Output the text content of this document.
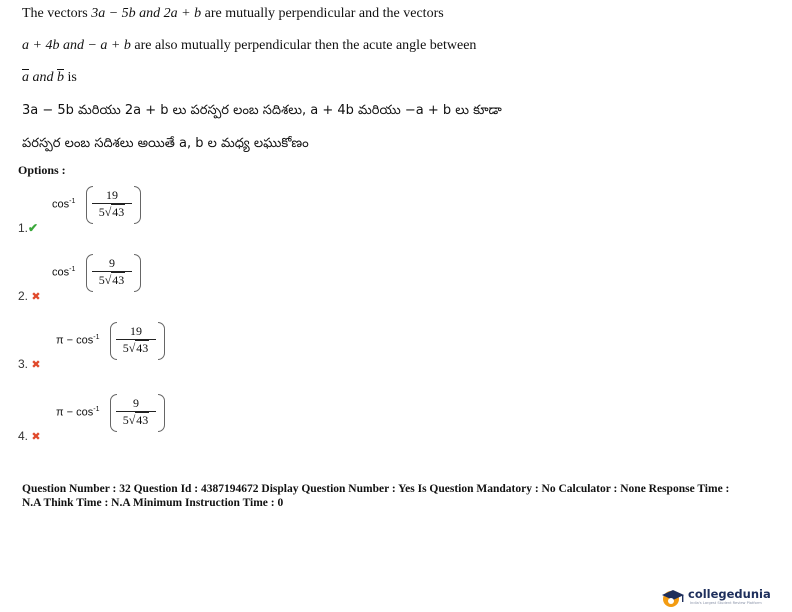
The vectors 3a − 5b and 2a + b are mutually perpendicular and the vectors
a + 4b and − a + b are also mutually perpendicular then the acute angle between
$\overline{a}$ and $\overline{b}$ is
3a − 5b మరియు 2a + b లు పరస్పర లంబ సదిశలు, a + 4b మరియు −a + b లు కూడా
పరస్పర లంబ సదిశలు అయితే a, b ల మధ్య లఘుకోణం
Options :
$\cos^{-1}$	19
5√43
1.✔
$\cos^{-1}$	9
5√43
2. ✖
$\pi - \cos^{-1}$	19
5√43
3. ✖
$\pi - \cos^{-1}$	9
5√43
4. ✖
Question Number : 32 Question Id : 4387194672 Display Question Number : Yes Is Question Mandatory : No Calculator : None Response Time :
N.A Think Time : N.A Minimum Instruction Time : 0
collegedunia
India's Largest Student Review Platform
